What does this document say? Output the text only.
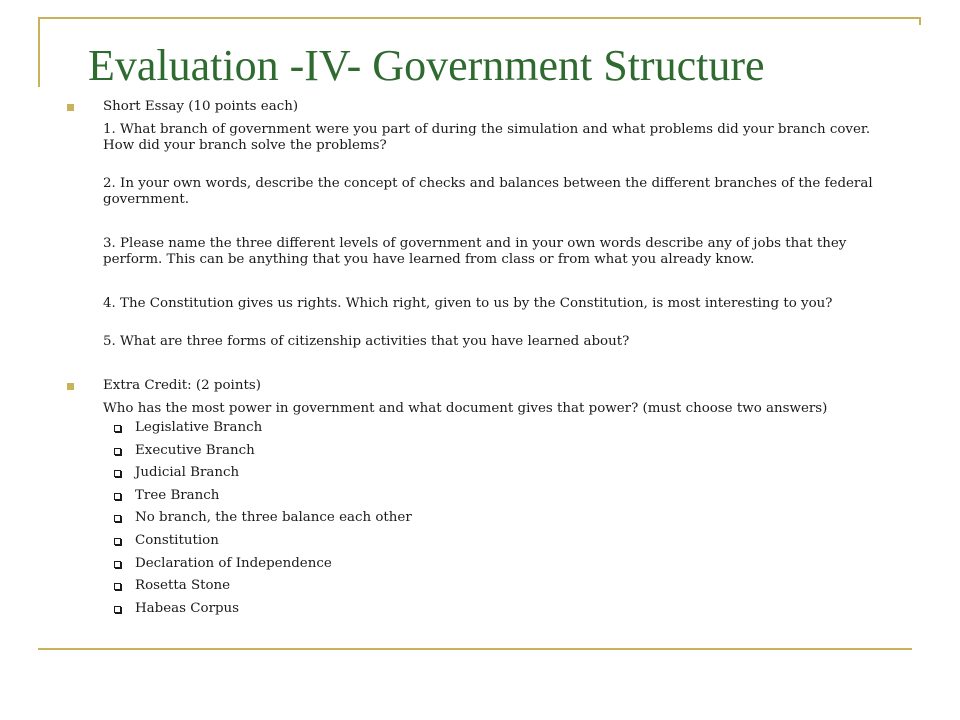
Evaluation -IV- Government Structure
Short Essay (10 points each)
1. What branch of government were you part of during the simulation and what problems did your branch cover. How did your branch solve the problems?
2. In your own words, describe the concept of checks and balances between the different branches of the federal government.
3. Please name the three different levels of government and in your own words describe any of jobs that they perform. This can be anything that you have learned from class or from what you already know.
4. The Constitution gives us rights. Which right, given to us by the Constitution, is most interesting to you?
5. What are three forms of citizenship activities that you have learned about?
Extra Credit: (2 points)
Who has the most power in government and what document gives that power? (must choose two answers)
Legislative Branch
Executive Branch
Judicial Branch
Tree Branch
No branch, the three balance each other
Constitution
Declaration of Independence
Rosetta Stone
Habeas Corpus
